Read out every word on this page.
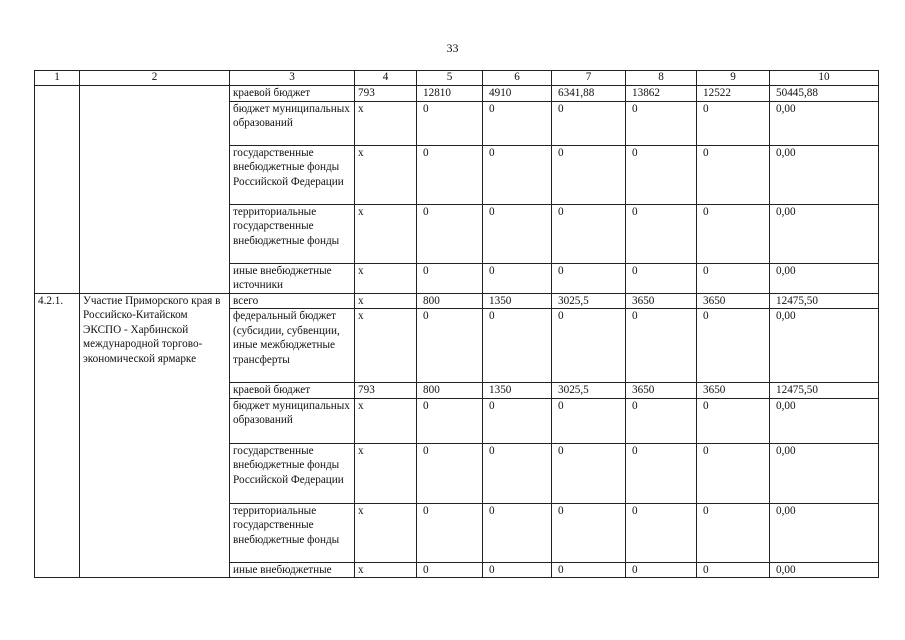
33
1	2	3	4	5	6	7	8	9	10
		краевой бюджет	793	12810	4910	6341,88	13862	12522	50445,88
		бюджет муниципальных образований	х	0	0	0	0	0	0,00
		государственные внебюджетные фонды Российской Федерации	х	0	0	0	0	0	0,00
		территориальные государственные внебюджетные фонды	х	0	0	0	0	0	0,00
		иные внебюджетные источники	х	0	0	0	0	0	0,00
4.2.1.	Участие Приморского края в Российско-Китайском ЭКСПО - Харбинской международной торгово-экономической ярмарке	всего	х	800	1350	3025,5	3650	3650	12475,50
		федеральный бюджет (субсидии, субвенции, иные межбюджетные трансферты	х	0	0	0	0	0	0,00
		краевой бюджет	793	800	1350	3025,5	3650	3650	12475,50
		бюджет муниципальных образований	х	0	0	0	0	0	0,00
		государственные внебюджетные фонды Российской Федерации	х	0	0	0	0	0	0,00
		территориальные государственные внебюджетные фонды	х	0	0	0	0	0	0,00
		иные внебюджетные	х	0	0	0	0	0	0,00
